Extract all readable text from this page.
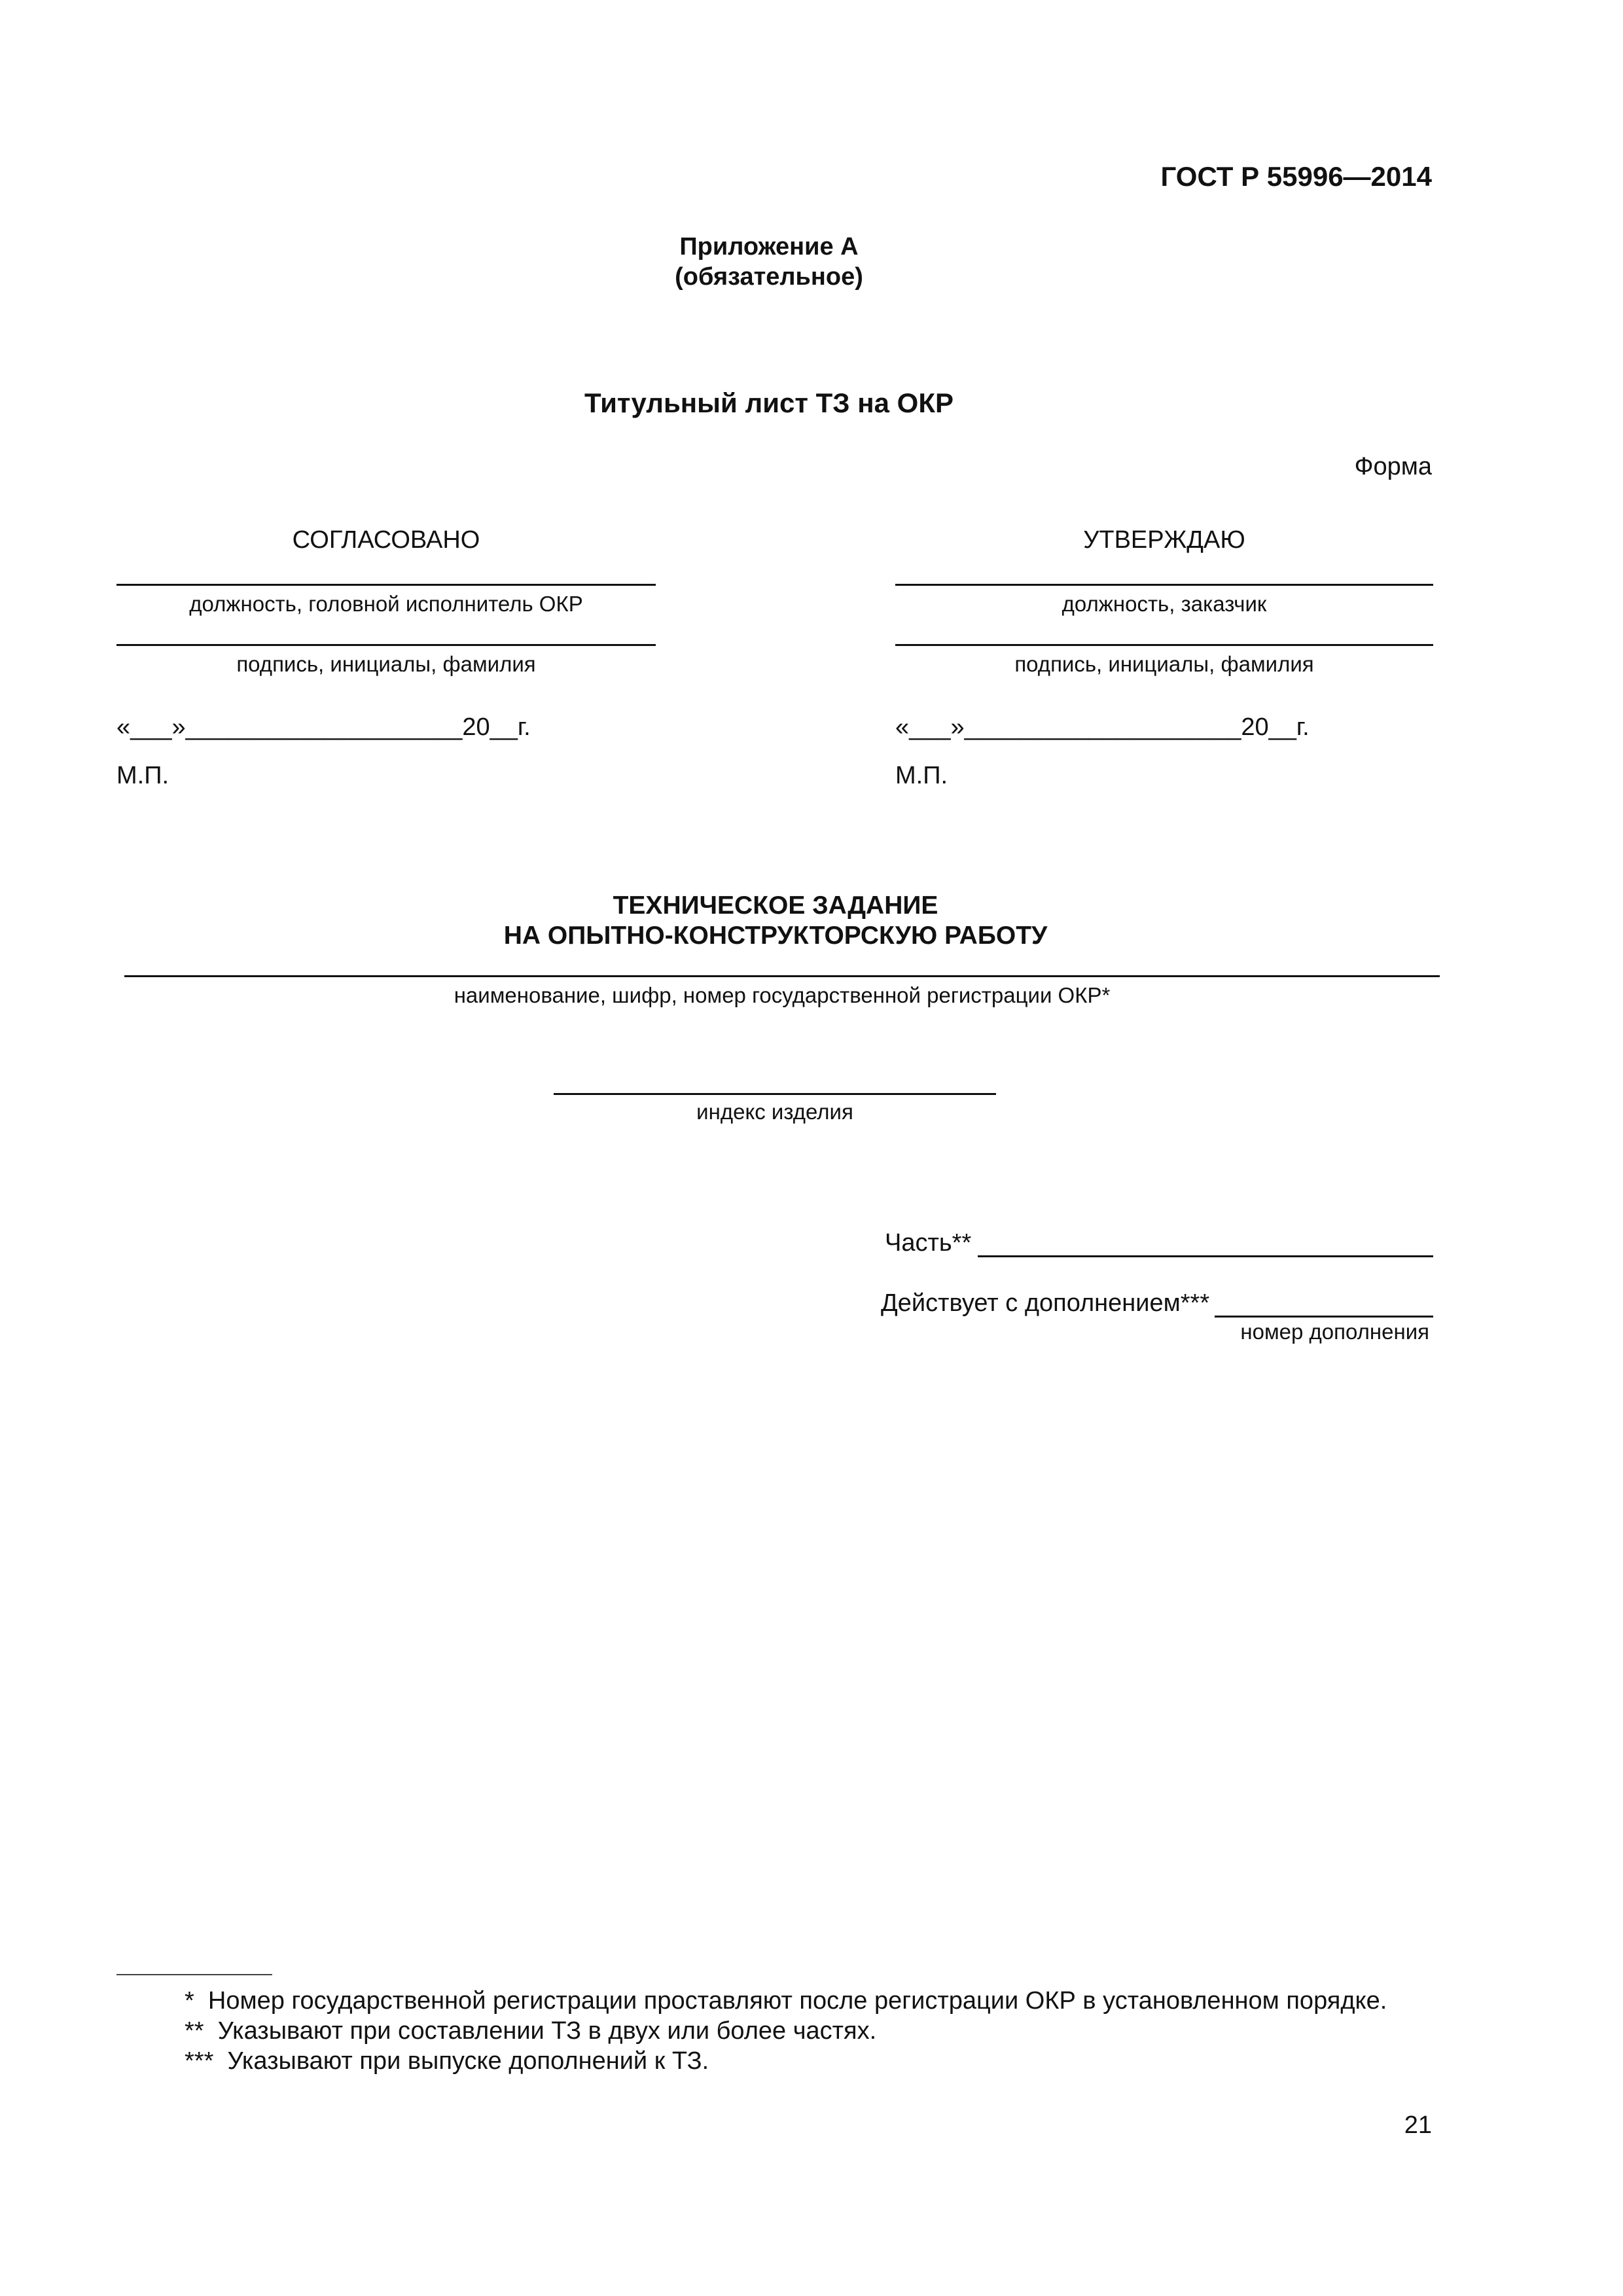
ГОСТ Р 55996—2014
Приложение А
(обязательное)
Титульный лист ТЗ на ОКР
Форма
СОГЛАСОВАНО
должность, головной исполнитель ОКР
подпись, инициалы, фамилия
«___»____________________20__г.
М.П.
УТВЕРЖДАЮ
должность, заказчик
подпись, инициалы, фамилия
«___»____________________20__г.
М.П.
ТЕХНИЧЕСКОЕ ЗАДАНИЕ
НА ОПЫТНО-КОНСТРУКТОРСКУЮ РАБОТУ
наименование, шифр, номер государственной регистрации ОКР*
индекс изделия
Часть**
Действует с дополнением***
номер дополнения
* Номер государственной регистрации проставляют после регистрации ОКР в установленном порядке.
** Указывают при составлении ТЗ в двух или более частях.
*** Указывают при выпуске дополнений к ТЗ.
21
